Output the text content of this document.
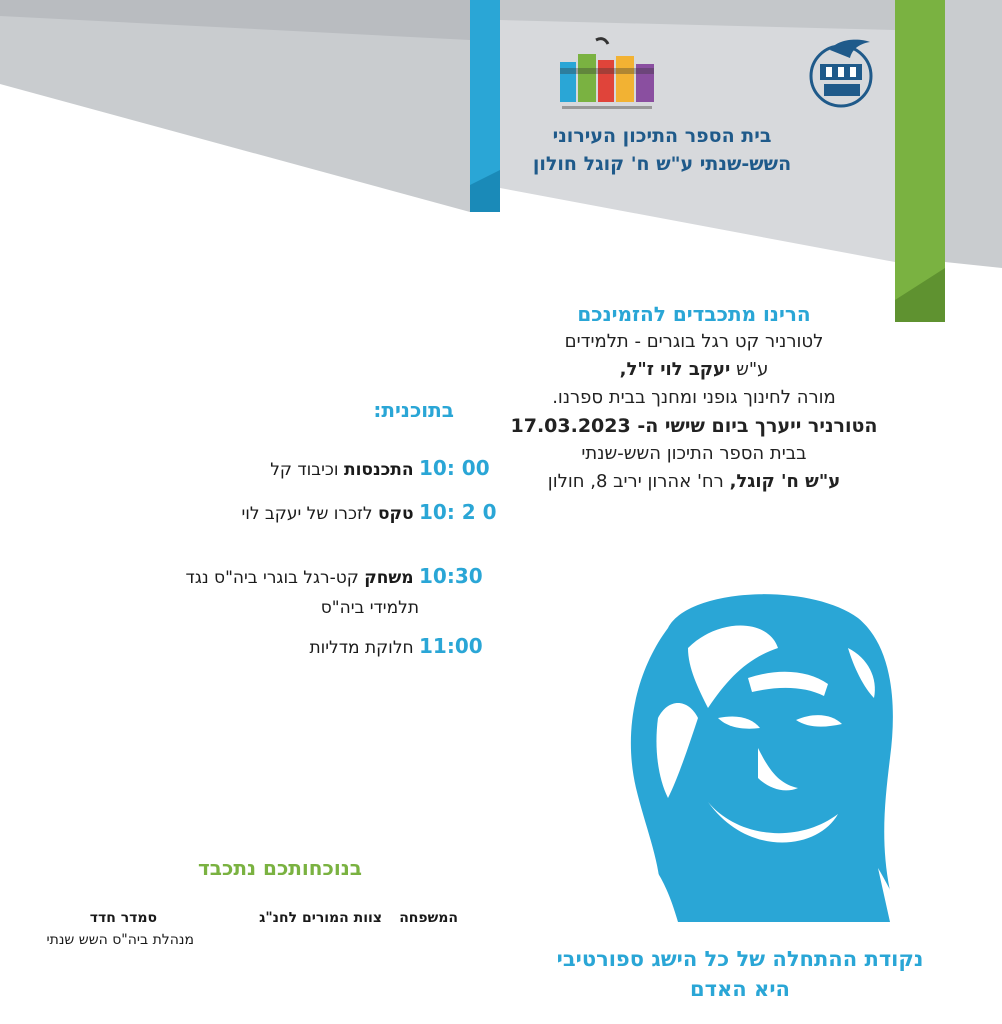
בית הספר התיכון העירוני
השש-שנתי ע"ש ח' קוגל חולון
הרינו מתכבדים להזמינכם
לטורניר קט רגל בוגרים - תלמידים
ע"ש יעקב לוי ז"ל,
מורה לחינוך גופני ומחנך בבית ספרנו.
הטורניר ייערך ביום שישי ה- 17.03.2023
בבית הספר התיכון השש-שנתי
ע"ש ח' קוגל, רח' אהרון יריב 8, חולון
בתוכנית:
10: 00 התכנסות וכיבוד קל
10: 2 0 טקס לזכרו של יעקב לוי
10:30 משחק קט-רגל בוגרי ביה"ס נגד
תלמידי ביה"ס
11:00 חלוקת מדליות
בנוכחותכם נתכבד
המשפחה
צוות המורים לחנ"ג
סמדר חדד
מנהלת ביה"ס השש שנתי
נקודת ההתחלה של כל הישג ספורטיבי
היא האדם
